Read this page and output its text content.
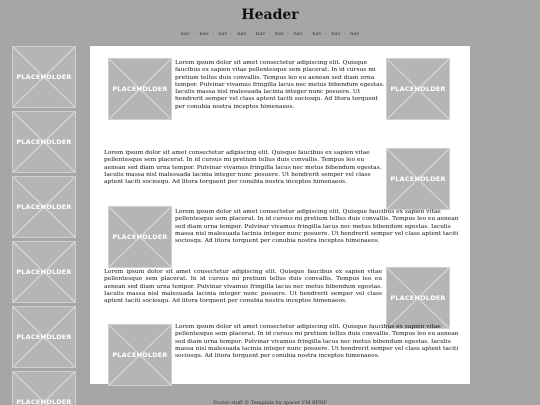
Header
nav - nav - nav - nav - nav - nav - nav - nav - nav - nav
PLACEHOLDER
PLACEHOLDER
PLACEHOLDER
PLACEHOLDER
PLACEHOLDER
PLACEHOLDER
PLACEHOLDER
Lorem ipsum dolor sit amet consectetur adipiscing elit. Quisque faucibus ex sapien vitae pellentesque sem placerat. In id cursus mi pretium tellus duis convallis. Tempus leo eu aenean sed diam urna tempor. Pulvinar vivamus fringilla lacus nec metus bibendum egestas. Iaculis massa nisl malesuada lacinia integer nunc posuere. Ut hendrerit semper vel class aptent taciti sociosqu. Ad litora torquent per conubia nostra inceptos himenaeos.
PLACEHOLDER
Lorem ipsum dolor sit amet consectetur adipiscing elit. Quisque faucibus ex sapien vitae pellentesque sem placerat. In id cursus mi pretium tellus duis convallis. Tempus leo eu aenean sed diam urna tempor. Pulvinar vivamus fringilla lacus nec metus bibendum egestas. Iaculis massa nisl malesuada lacinia integer nunc posuere. Ut hendrerit semper vel class aptent taciti sociosqu. Ad litora torquent per conubia nostra inceptos himenaeos.	PLACEHOLDER
PLACEHOLDER
Lorem ipsum dolor sit amet consectetur adipiscing elit. Quisque faucibus ex sapien vitae pellentesque sem placerat. In id cursus mi pretium tellus duis convallis. Tempus leo eu aenean sed diam urna tempor. Pulvinar vivamus fringilla lacus nec metus bibendum egestas. Iaculis massa nisl malesuada lacinia integer nunc posuere. Ut hendrerit semper vel class aptent taciti sociosqu. Ad litora torquent per conubia nostra inceptos himenaeos.
Lorem ipsum dolor sit amet consectetur adipiscing elit. Quisque faucibus ex sapien vitae pellentesque sem placerat. In id cursus mi pretium tellus duis convallis. Tempus leo eu aenean sed diam urna tempor. Pulvinar vivamus fringilla lacus nec metus bibendum egestas. Iaculis massa nisl malesuada lacinia integer nunc posuere. Ut hendrerit semper vel class aptent taciti sociosqu. Ad litora torquent per conubia nostra inceptos himenaeos.	PLACEHOLDER
PLACEHOLDER
Lorem ipsum dolor sit amet consectetur adipiscing elit. Quisque faucibus ex sapien vitae pellentesque sem placerat. In id cursus mi pretium tellus duis convallis. Tempus leo eu aenean sed diam urna tempor. Pulvinar vivamus fringilla lacus nec metus bibendum egestas. Iaculis massa nisl malesuada lacinia integer nunc posuere. Ut hendrerit semper vel class aptent taciti sociosqu. Ad litora torquent per conubia nostra inceptos himenaeos.
Footer stuff © Template by spacer FM BPNF
